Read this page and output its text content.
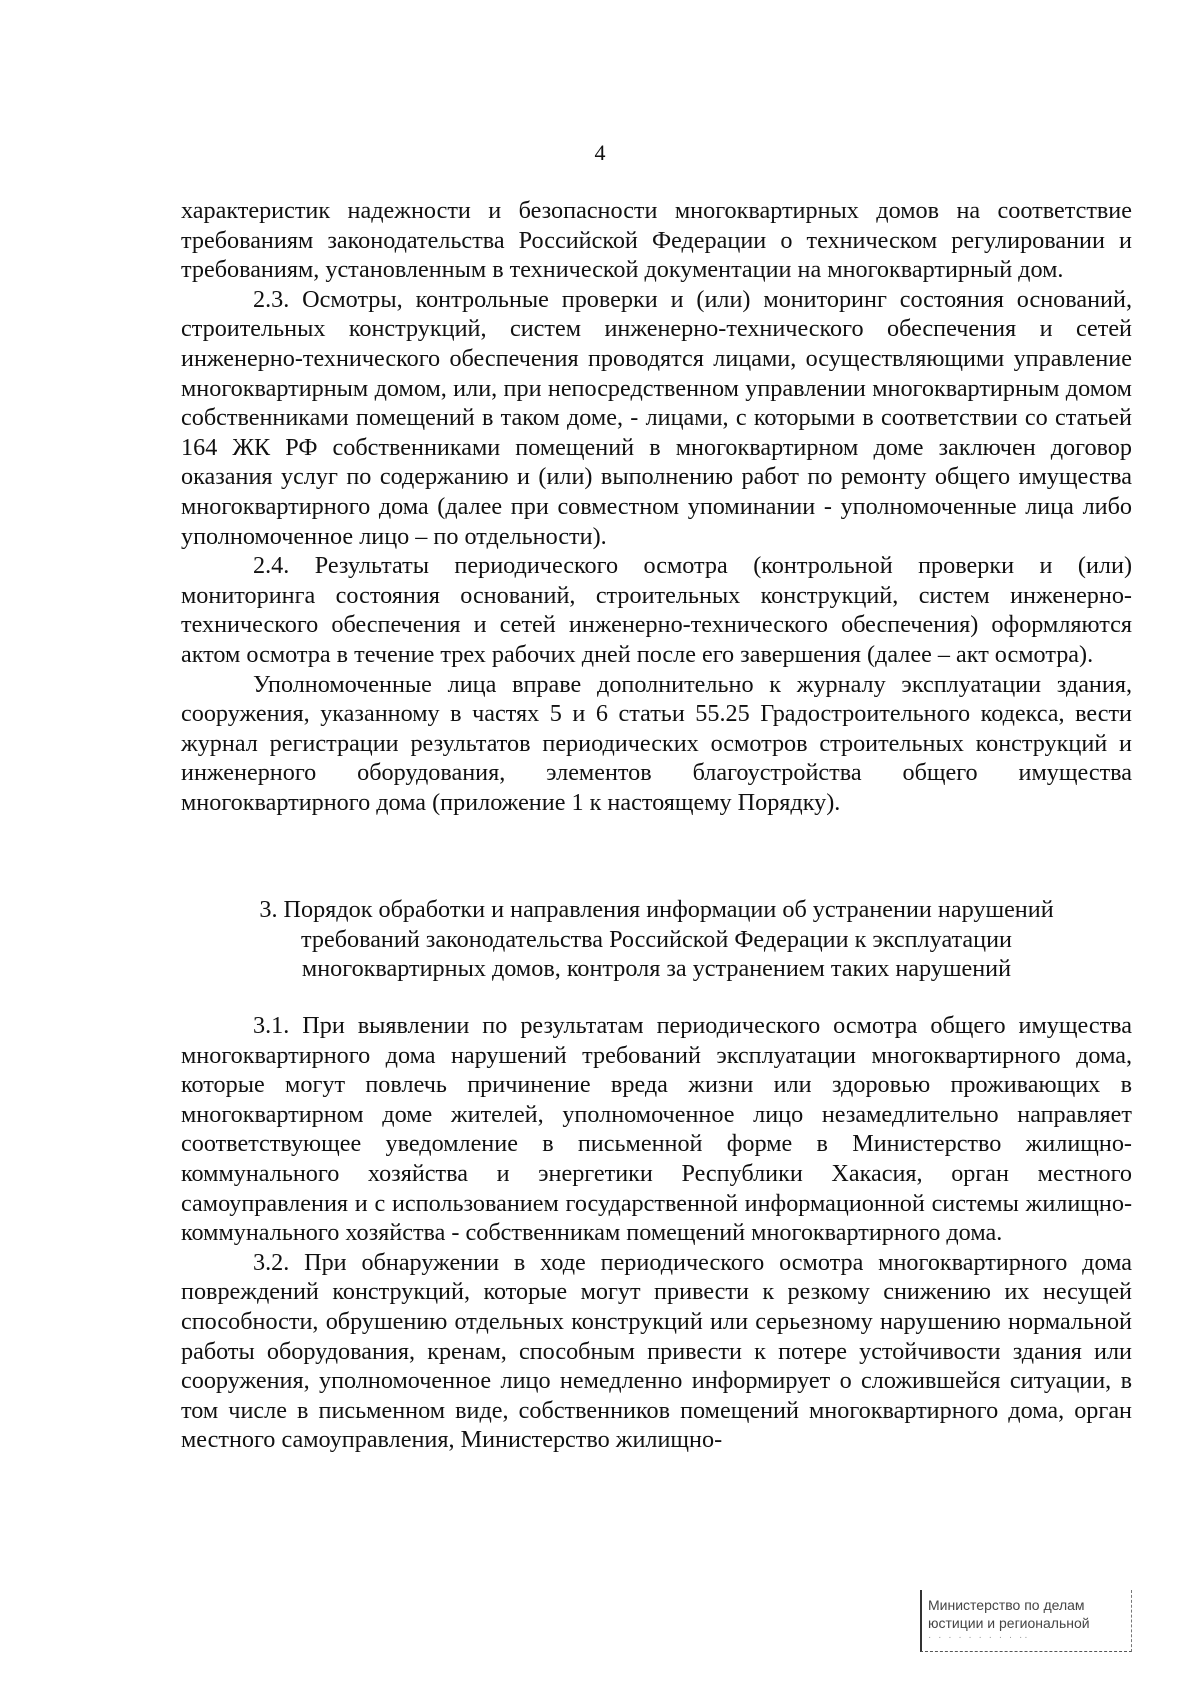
4

характеристик надежности и безопасности многоквартирных домов на соответствие требованиям законодательства Российской Федерации о техническом регулировании и требованиям, установленным в технической документации на многоквартирный дом.

2.3. Осмотры, контрольные проверки и (или) мониторинг состояния оснований, строительных конструкций, систем инженерно-технического обеспечения и сетей инженерно-технического обеспечения проводятся лицами, осуществляющими управление многоквартирным домом, или, при непосредственном управлении многоквартирным домом собственниками помещений в таком доме, - лицами, с которыми в соответствии со статьей 164 ЖК РФ собственниками помещений в многоквартирном доме заключен договор оказания услуг по содержанию и (или) выполнению работ по ремонту общего имущества многоквартирного дома (далее при совместном упоминании - уполномоченные лица либо уполномоченное лицо – по отдельности).

2.4. Результаты периодического осмотра (контрольной проверки и (или) мониторинга состояния оснований, строительных конструкций, систем инженерно-технического обеспечения и сетей инженерно-технического обеспечения) оформляются актом осмотра в течение трех рабочих дней после его завершения (далее – акт осмотра).

Уполномоченные лица вправе дополнительно к журналу эксплуатации здания, сооружения, указанному в частях 5 и 6 статьи 55.25 Градостроительного кодекса, вести журнал регистрации результатов периодических осмотров строительных конструкций и инженерного оборудования, элементов благоустройства общего имущества многоквартирного дома (приложение 1 к настоящему Порядку).

3. Порядок обработки и направления информации об устранении нарушений
требований законодательства Российской Федерации к эксплуатации
многоквартирных домов, контроля за устранением таких нарушений

3.1. При выявлении по результатам периодического осмотра общего имущества многоквартирного дома нарушений требований эксплуатации многоквартирного дома, которые могут повлечь причинение вреда жизни или здоровью проживающих в многоквартирном доме жителей, уполномоченное лицо незамедлительно направляет соответствующее уведомление в письменной форме в Министерство жилищно-коммунального хозяйства и энергетики Республики Хакасия, орган местного самоуправления и с использованием государственной информационной системы жилищно-коммунального хозяйства - собственникам помещений многоквартирного дома.

3.2. При обнаружении в ходе периодического осмотра многоквартирного дома повреждений конструкций, которые могут привести к резкому снижению их несущей способности, обрушению отдельных конструкций или серьезному нарушению нормальной работы оборудования, кренам, способным привести к потере устойчивости здания или сооружения, уполномоченное лицо немедленно информирует о сложившейся ситуации, в том числе в письменном виде, собственников помещений многоквартирного дома, орган местного самоуправления, Министерство жилищно-

Министерство по делам
юстиции и региональной
· · · · · · · · · ··
